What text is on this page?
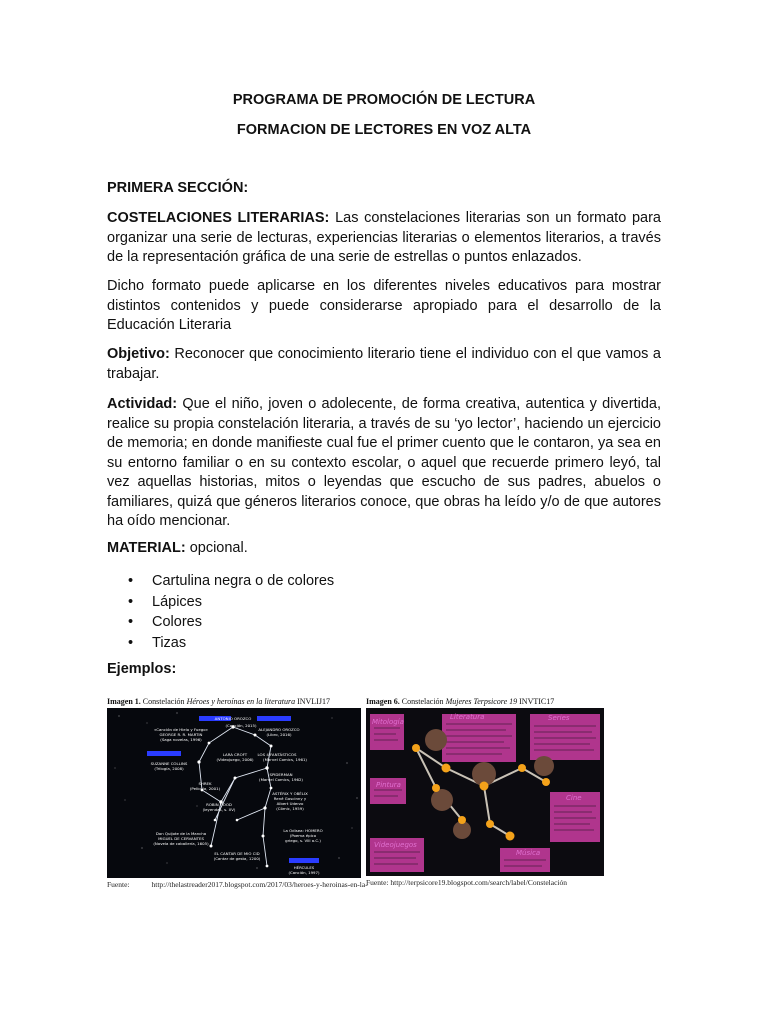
PROGRAMA DE PROMOCIÓN DE LECTURA
FORMACION DE LECTORES EN VOZ ALTA
PRIMERA SECCIÓN:

COSTELACIONES LITERARIAS: Las constelaciones literarias son un formato para organizar una serie de lecturas, experiencias literarias o elementos literarios, a través de la representación gráfica de una serie de estrellas o puntos enlazados.

Dicho formato puede aplicarse en los diferentes niveles educativos para mostrar distintos contenidos y puede considerarse apropiado para el desarrollo de la Educación Literaria

Objetivo: Reconocer que conocimiento literario tiene el individuo con el que vamos a trabajar.

Actividad: Que el niño, joven o adolecente, de forma creativa, autentica y divertida, realice su propia constelación literaria, a través de su ‘yo lector’, haciendo un ejercicio de memoria; en donde manifieste cual fue el primer cuento que le contaron, ya sea en su entorno familiar o en su contexto escolar, o aquel que recuerde primero leyó, tal vez aquellas historias, mitos o leyendas que escucho de sus padres, abuelos o familiares, quizá que géneros literarios conoce, que obras ha leído y/o de que autores ha oído mencionar.

MATERIAL: opcional.

• Cartulina negra o de colores
• Lápices
• Colores
• Tizas
Ejemplos:
Imagen 1. Constelación Héroes y heroínas en la literatura INVLIJ17
ANTONIO OROZCO
(Canción, 2015)
ALEJANDRO OROZCO
(Libro, 2016)
«Canción de Hielo y Fuego»
GEORGE R. R. MARTIN
(Saga novelas, 1996)
SUZANNE COLLINS
(Trilogía, 2008)
LARA CROFT
(Videojuego, 2006)
LOS 4 FANTÁSTICOS
(Marvel Comics, 1961)
SPIDERMAN
(Marvel Comics, 1962)
SHREK
(Película, 2001)
ASTÉRIX Y OBÉLIX
René Goscinny y
Albert Uderzo
(Cómic, 1959)
ROBIN HOOD
(leyendas, s. XV)
Don Quijote de la Mancha
MIGUEL DE CERVANTES
(Novela de caballería, 1605)
La Odisea: HOMERO
(Poema épico
griego, s. VIII a.C.)
EL CANTAR DE MIO CID
(Cantar de gesta, 1200)
HÉRCULES
(Canción, 1997)
Fuente:	http://thelastreader2017.blogspot.com/2017/03/heroes-y-heroinas-en-la-
Imagen 6. Constelación Mujeres Terpsicore 19 INVTIC17
Mitología
Literatura	Series
Pintura
Cine
Videojuegos
Música
Fuente: http://terpsicore19.blogspot.com/search/label/Constelación
